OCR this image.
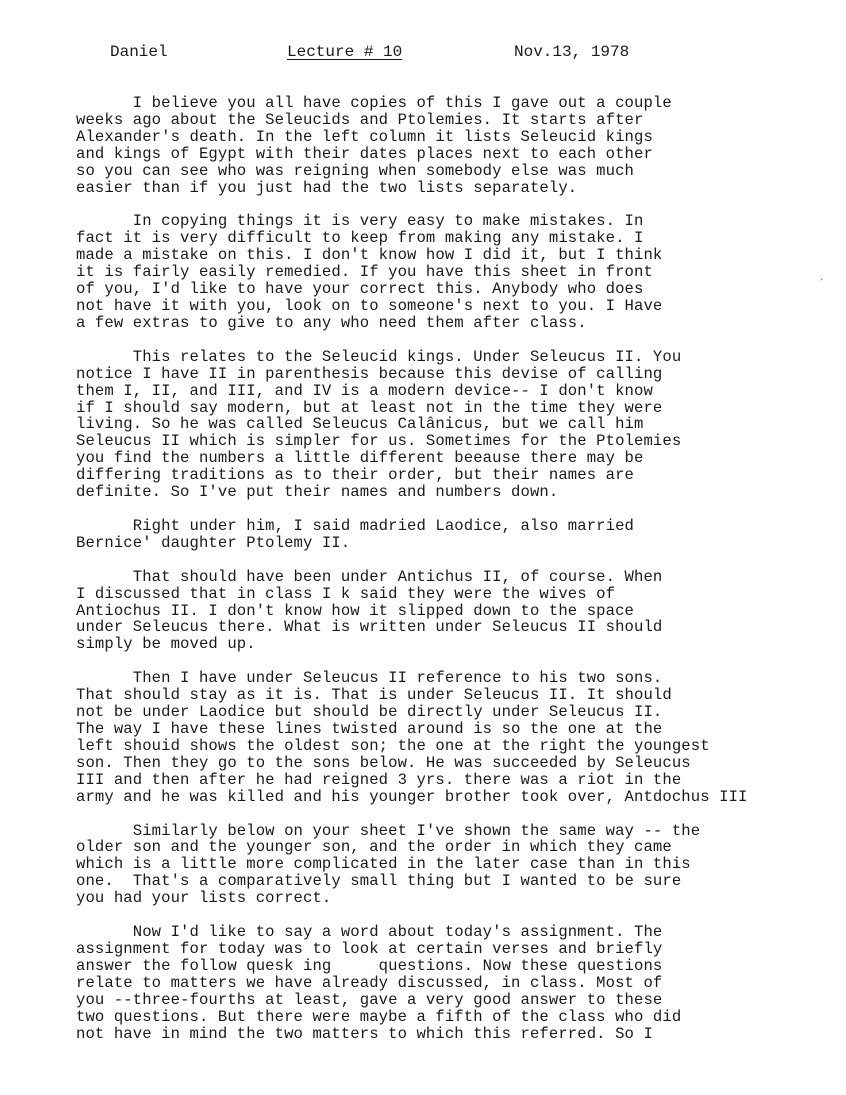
Daniel	Lecture # 10	Nov.13, 1978
I believe you all have copies of this I gave out a couple
weeks ago about the Seleucids and Ptolemies. It starts after
Alexander's death. In the left column it lists Seleucid kings
and kings of Egypt with their dates places next to each other
so you can see who was reigning when somebody else was much
easier than if you just had the two lists separately.
In copying things it is very easy to make mistakes. In
fact it is very difficult to keep from making any mistake. I
made a mistake on this. I don't know how I did it, but I think
it is fairly easily remedied. If you have this sheet in front
of you, I'd like to have your correct this. Anybody who does
not have it with you, look on to someone's next to you. I Have
a few extras to give to any who need them after class.
This relates to the Seleucid kings. Under Seleucus II. You
notice I have II in parenthesis because this devise of calling
them I, II, and III, and IV is a modern device-- I don't know
if I should say modern, but at least not in the time they were
living. So he was called Seleucus Calânicus, but we call him
Seleucus II which is simpler for us. Sometimes for the Ptolemies
you find the numbers a little different beeause there may be
differing traditions as to their order, but their names are
definite. So I've put their names and numbers down.
Right under him, I said madried Laodice, also married
Bernice' daughter Ptolemy II.
That should have been under Antichus II, of course. When
I discussed that in class I k said they were the wives of
Antiochus II. I don't know how it slipped down to the space
under Seleucus there. What is written under Seleucus II should
simply be moved up.
Then I have under Seleucus II reference to his two sons.
That should stay as it is. That is under Seleucus II. It should
not be under Laodice but should be directly under Seleucus II.
The way I have these lines twisted around is so the one at the
left shouid shows the oldest son; the one at the right the youngest
son. Then they go to the sons below. He was succeeded by Seleucus
III and then after he had reigned 3 yrs. there was a riot in the
army and he was killed and his younger brother took over, Antdochus III
Similarly below on your sheet I've shown the same way -- the
older son and the younger son, and the order in which they came
which is a little more complicated in the later case than in this
one.  That's a comparatively small thing but I wanted to be sure
you had your lists correct.
Now I'd like to say a word about today's assignment. The
assignment for today was to look at certain verses and briefly
answer the follow quesk ing     questions. Now these questions
relate to matters we have already discussed, in class. Most of
you --three-fourths at least, gave a very good answer to these
two questions. But there were maybe a fifth of the class who did
not have in mind the two matters to which this referred. So I
ˏ
